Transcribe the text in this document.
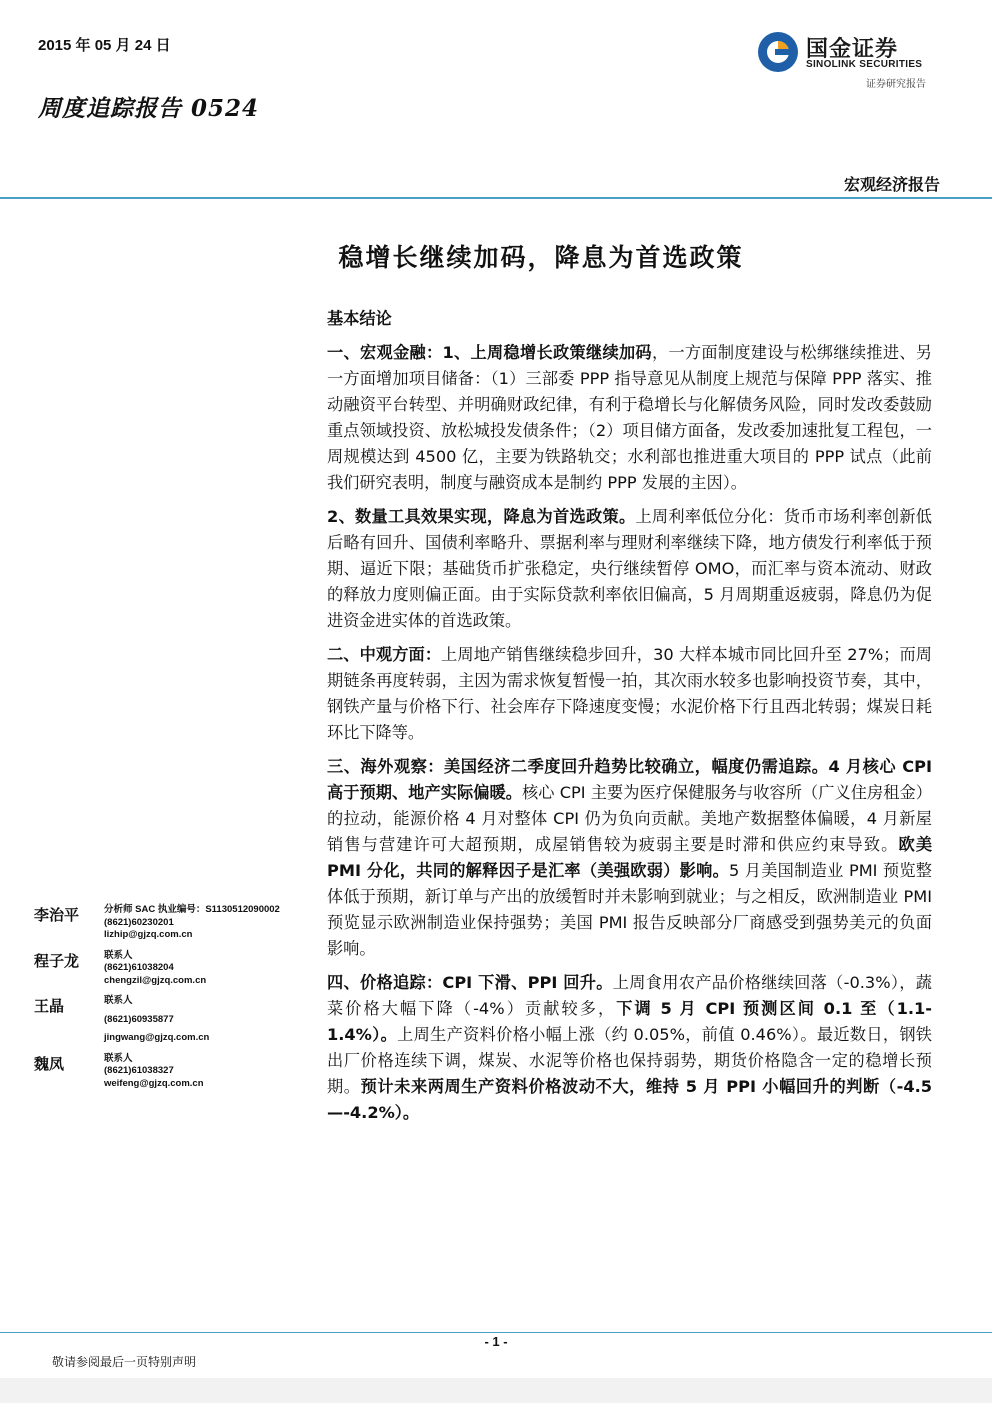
2015 年 05 月 24 日
周度追踪报告 0524
国金证券
SINOLINK SECURITIES
证券研究报告
宏观经济报告
稳增长继续加码，降息为首选政策
基本结论
一、宏观金融：1、上周稳增长政策继续加码，一方面制度建设与松绑继续推进、另一方面增加项目储备：（1）三部委 PPP 指导意见从制度上规范与保障 PPP 落实、推动融资平台转型、并明确财政纪律，有利于稳增长与化解债务风险，同时发改委鼓励重点领域投资、放松城投发债条件；（2）项目储方面备，发改委加速批复工程包，一周规模达到 4500 亿，主要为铁路轨交；水利部也推进重大项目的 PPP 试点（此前我们研究表明，制度与融资成本是制约 PPP 发展的主因）。
2、数量工具效果实现，降息为首选政策。上周利率低位分化：货币市场利率创新低后略有回升、国债利率略升、票据利率与理财利率继续下降，地方债发行利率低于预期、逼近下限；基础货币扩张稳定，央行继续暂停 OMO，而汇率与资本流动、财政的释放力度则偏正面。由于实际贷款利率依旧偏高，5 月周期重返疲弱，降息仍为促进资金进实体的首选政策。
二、中观方面：上周地产销售继续稳步回升，30 大样本城市同比回升至 27%；而周期链条再度转弱，主因为需求恢复暂慢一拍，其次雨水较多也影响投资节奏，其中，钢铁产量与价格下行、社会库存下降速度变慢；水泥价格下行且西北转弱；煤炭日耗环比下降等。
三、海外观察：美国经济二季度回升趋势比较确立，幅度仍需追踪。4 月核心 CPI 高于预期、地产实际偏暖。核心 CPI 主要为医疗保健服务与收容所（广义住房租金）的拉动，能源价格 4 月对整体 CPI 仍为负向贡献。美地产数据整体偏暖，4 月新屋销售与营建许可大超预期，成屋销售较为疲弱主要是时滞和供应约束导致。欧美 PMI 分化，共同的解释因子是汇率（美强欧弱）影响。5 月美国制造业 PMI 预览整体低于预期，新订单与产出的放缓暂时并未影响到就业；与之相反，欧洲制造业 PMI 预览显示欧洲制造业保持强势；美国 PMI 报告反映部分厂商感受到强势美元的负面影响。
四、价格追踪：CPI 下滑、PPI 回升。上周食用农产品价格继续回落（-0.3%），蔬菜价格大幅下降（-4%）贡献较多，下调 5 月 CPI 预测区间 0.1 至（1.1-1.4%）。上周生产资料价格小幅上涨（约 0.05%，前值 0.46%）。最近数日，钢铁出厂价格连续下调，煤炭、水泥等价格也保持弱势，期货价格隐含一定的稳增长预期。预计未来两周生产资料价格波动不大，维持 5 月 PPI 小幅回升的判断（-4.5—-4.2%）。
李治平	分析师 SAC 执业编号：S1130512090002
(8621)60230201
lizhip@gjzq.com.cn
程子龙	联系人
(8621)61038204
chengzil@gjzq.com.cn
王晶	联系人
(8621)60935877
jingwang@gjzq.com.cn
魏凤	联系人
(8621)61038327
weifeng@gjzq.com.cn
- 1 -
敬请参阅最后一页特别声明
